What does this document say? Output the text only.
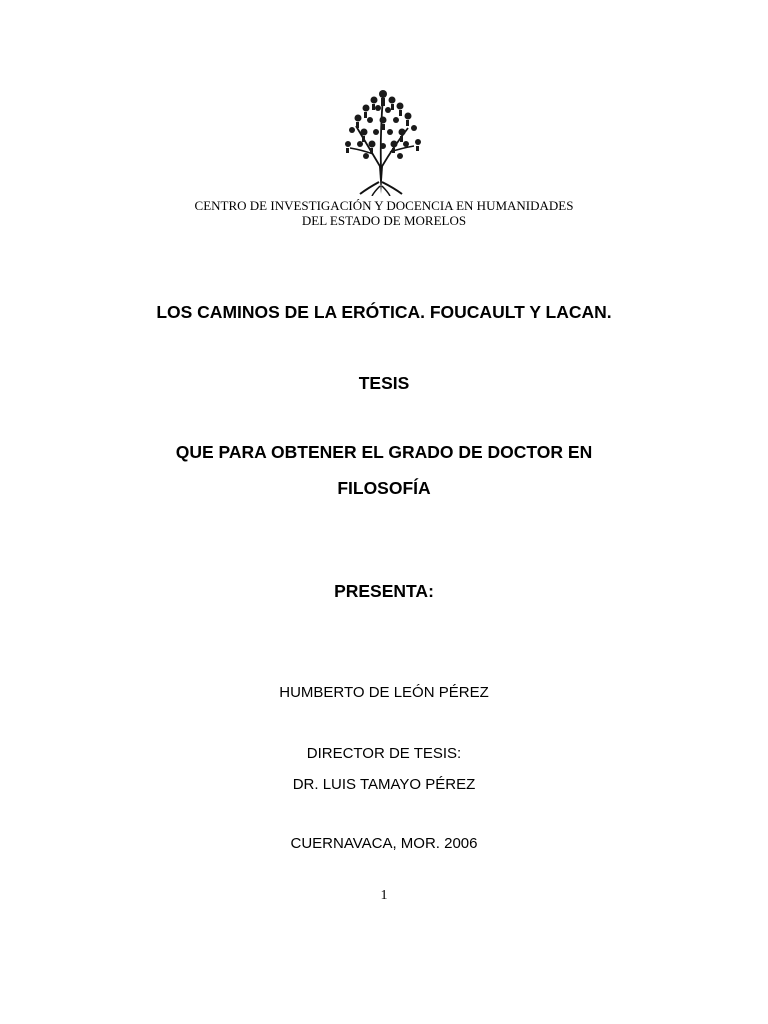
CENTRO DE INVESTIGACIÓN Y DOCENCIA EN HUMANIDADES
DEL ESTADO DE MORELOS
LOS CAMINOS DE LA ERÓTICA. FOUCAULT Y LACAN.
TESIS
QUE PARA OBTENER EL GRADO DE DOCTOR EN
FILOSOFÍA
PRESENTA:
HUMBERTO DE LEÓN PÉREZ
DIRECTOR DE TESIS:
DR. LUIS TAMAYO PÉREZ
CUERNAVACA, MOR. 2006
1
